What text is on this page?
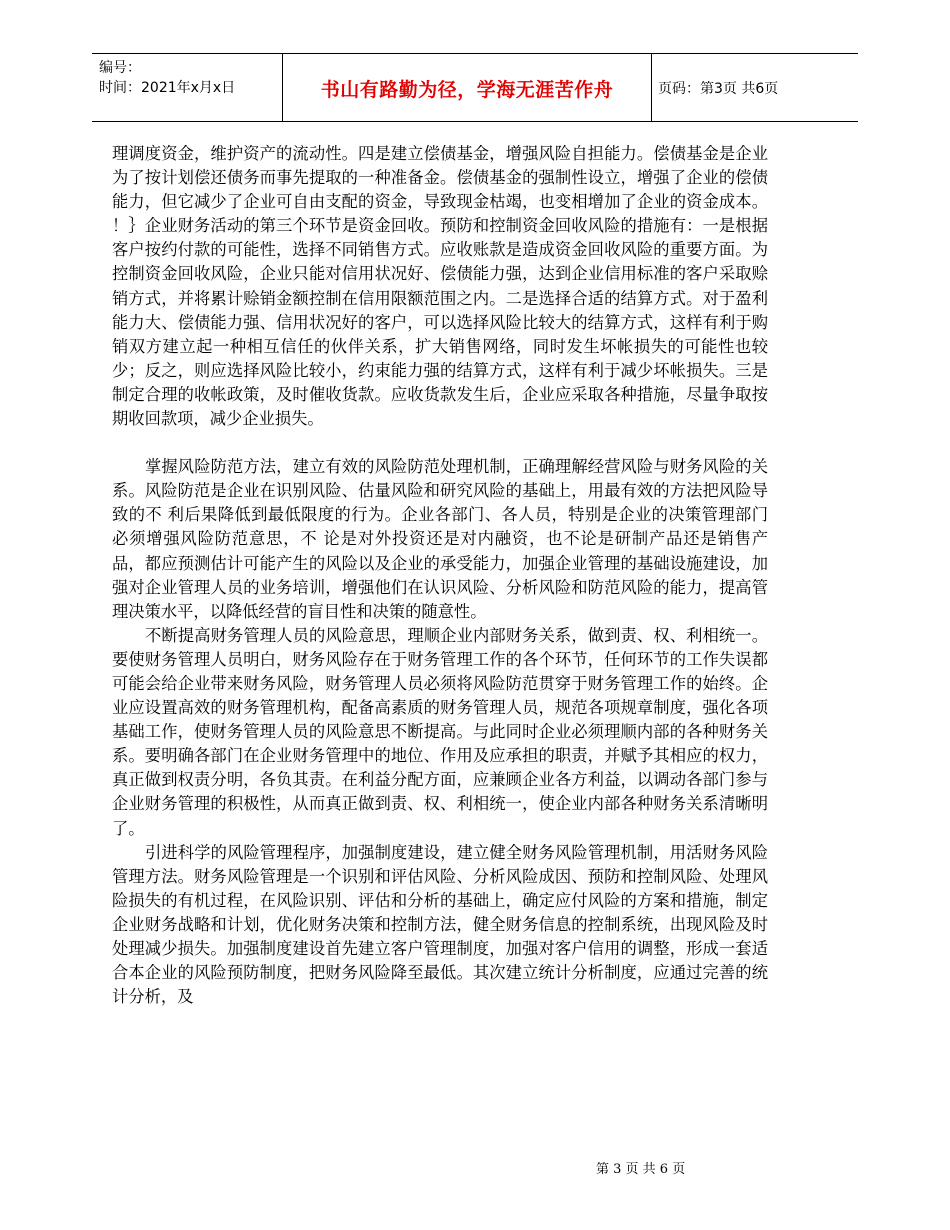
编号：
时间：2021年x月x日	书山有路勤为径，学海无涯苦作舟	页码：第3页 共6页

理调度资金，维护资产的流动性。四是建立偿债基金，增强风险自担能力。偿债基金是企业为了按计划偿还债务而事先提取的一种准备金。偿债基金的强制性设立，增强了企业的偿债能力，但它减少了企业可自由支配的资金，导致现金枯竭，也变相增加了企业的资金成本。 ！｝企业财务活动的第三个环节是资金回收。预防和控制资金回收风险的措施有：一是根据客户按约付款的可能性，选择不同销售方式。应收账款是造成资金回收风险的重要方面。为控制资金回收风险，企业只能对信用状况好、偿债能力强，达到企业信用标准的客户采取赊销方式，并将累计赊销金额控制在信用限额范围之内。二是选择合适的结算方式。对于盈利能力大、偿债能力强、信用状况好的客户，可以选择风险比较大的结算方式，这样有利于购销双方建立起一种相互信任的伙伴关系，扩大销售网络，同时发生坏帐损失的可能性也较少；反之，则应选择风险比较小，约束能力强的结算方式，这样有利于减少坏帐损失。三是制定合理的收帐政策，及时催收货款。应收货款发生后，企业应采取各种措施，尽量争取按期收回款项，减少企业损失。

掌握风险防范方法，建立有效的风险防范处理机制，正确理解经营风险与财务风险的关系。风险防范是企业在识别风险、估量风险和研究风险的基础上，用最有效的方法把风险导致的不 利后果降低到最低限度的行为。企业各部门、各人员，特别是企业的决策管理部门必须增强风险防范意思，不 论是对外投资还是对内融资，也不论是研制产品还是销售产品，都应预测估计可能产生的风险以及企业的承受能力，加强企业管理的基础设施建设，加强对企业管理人员的业务培训，增强他们在认识风险、分析风险和防范风险的能力，提高管理决策水平，以降低经营的盲目性和决策的随意性。

不断提高财务管理人员的风险意思，理顺企业内部财务关系，做到责、权、利相统一。要使财务管理人员明白，财务风险存在于财务管理工作的各个环节，任何环节的工作失误都可能会给企业带来财务风险，财务管理人员必须将风险防范贯穿于财务管理工作的始终。企业应设置高效的财务管理机构，配备高素质的财务管理人员，规范各项规章制度，强化各项基础工作，使财务管理人员的风险意思不断提高。与此同时企业必须理顺内部的各种财务关系。要明确各部门在企业财务管理中的地位、作用及应承担的职责，并赋予其相应的权力，真正做到权责分明，各负其责。在利益分配方面，应兼顾企业各方利益，以调动各部门参与企业财务管理的积极性，从而真正做到责、权、利相统一，使企业内部各种财务关系清晰明了。

引进科学的风险管理程序，加强制度建设，建立健全财务风险管理机制，用活财务风险管理方法。财务风险管理是一个识别和评估风险、分析风险成因、预防和控制风险、处理风险损失的有机过程，在风险识别、评估和分析的基础上，确定应付风险的方案和措施，制定企业财务战略和计划，优化财务决策和控制方法，健全财务信息的控制系统，出现风险及时处理减少损失。加强制度建设首先建立客户管理制度，加强对客户信用的调整，形成一套适合本企业的风险预防制度，把财务风险降至最低。其次建立统计分析制度，应通过完善的统计分析，及

第 3 页 共 6 页
